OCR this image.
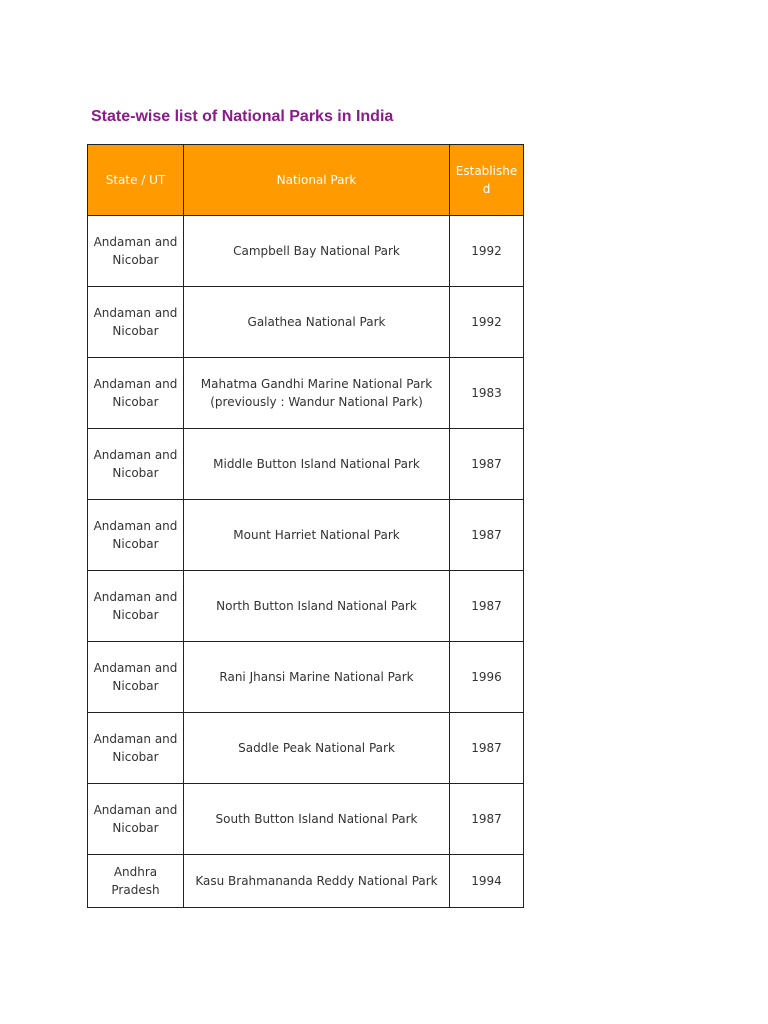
State-wise list of National Parks in India
State / UT	National Park	Established
Andaman and Nicobar	Campbell Bay National Park	1992
Andaman and Nicobar	Galathea National Park	1992
Andaman and Nicobar	Mahatma Gandhi Marine National Park (previously : Wandur National Park)	1983
Andaman and Nicobar	Middle Button Island National Park	1987
Andaman and Nicobar	Mount Harriet National Park	1987
Andaman and Nicobar	North Button Island National Park	1987
Andaman and Nicobar	Rani Jhansi Marine National Park	1996
Andaman and Nicobar	Saddle Peak National Park	1987
Andaman and Nicobar	South Button Island National Park	1987
Andhra Pradesh	Kasu Brahmananda Reddy National Park	1994
